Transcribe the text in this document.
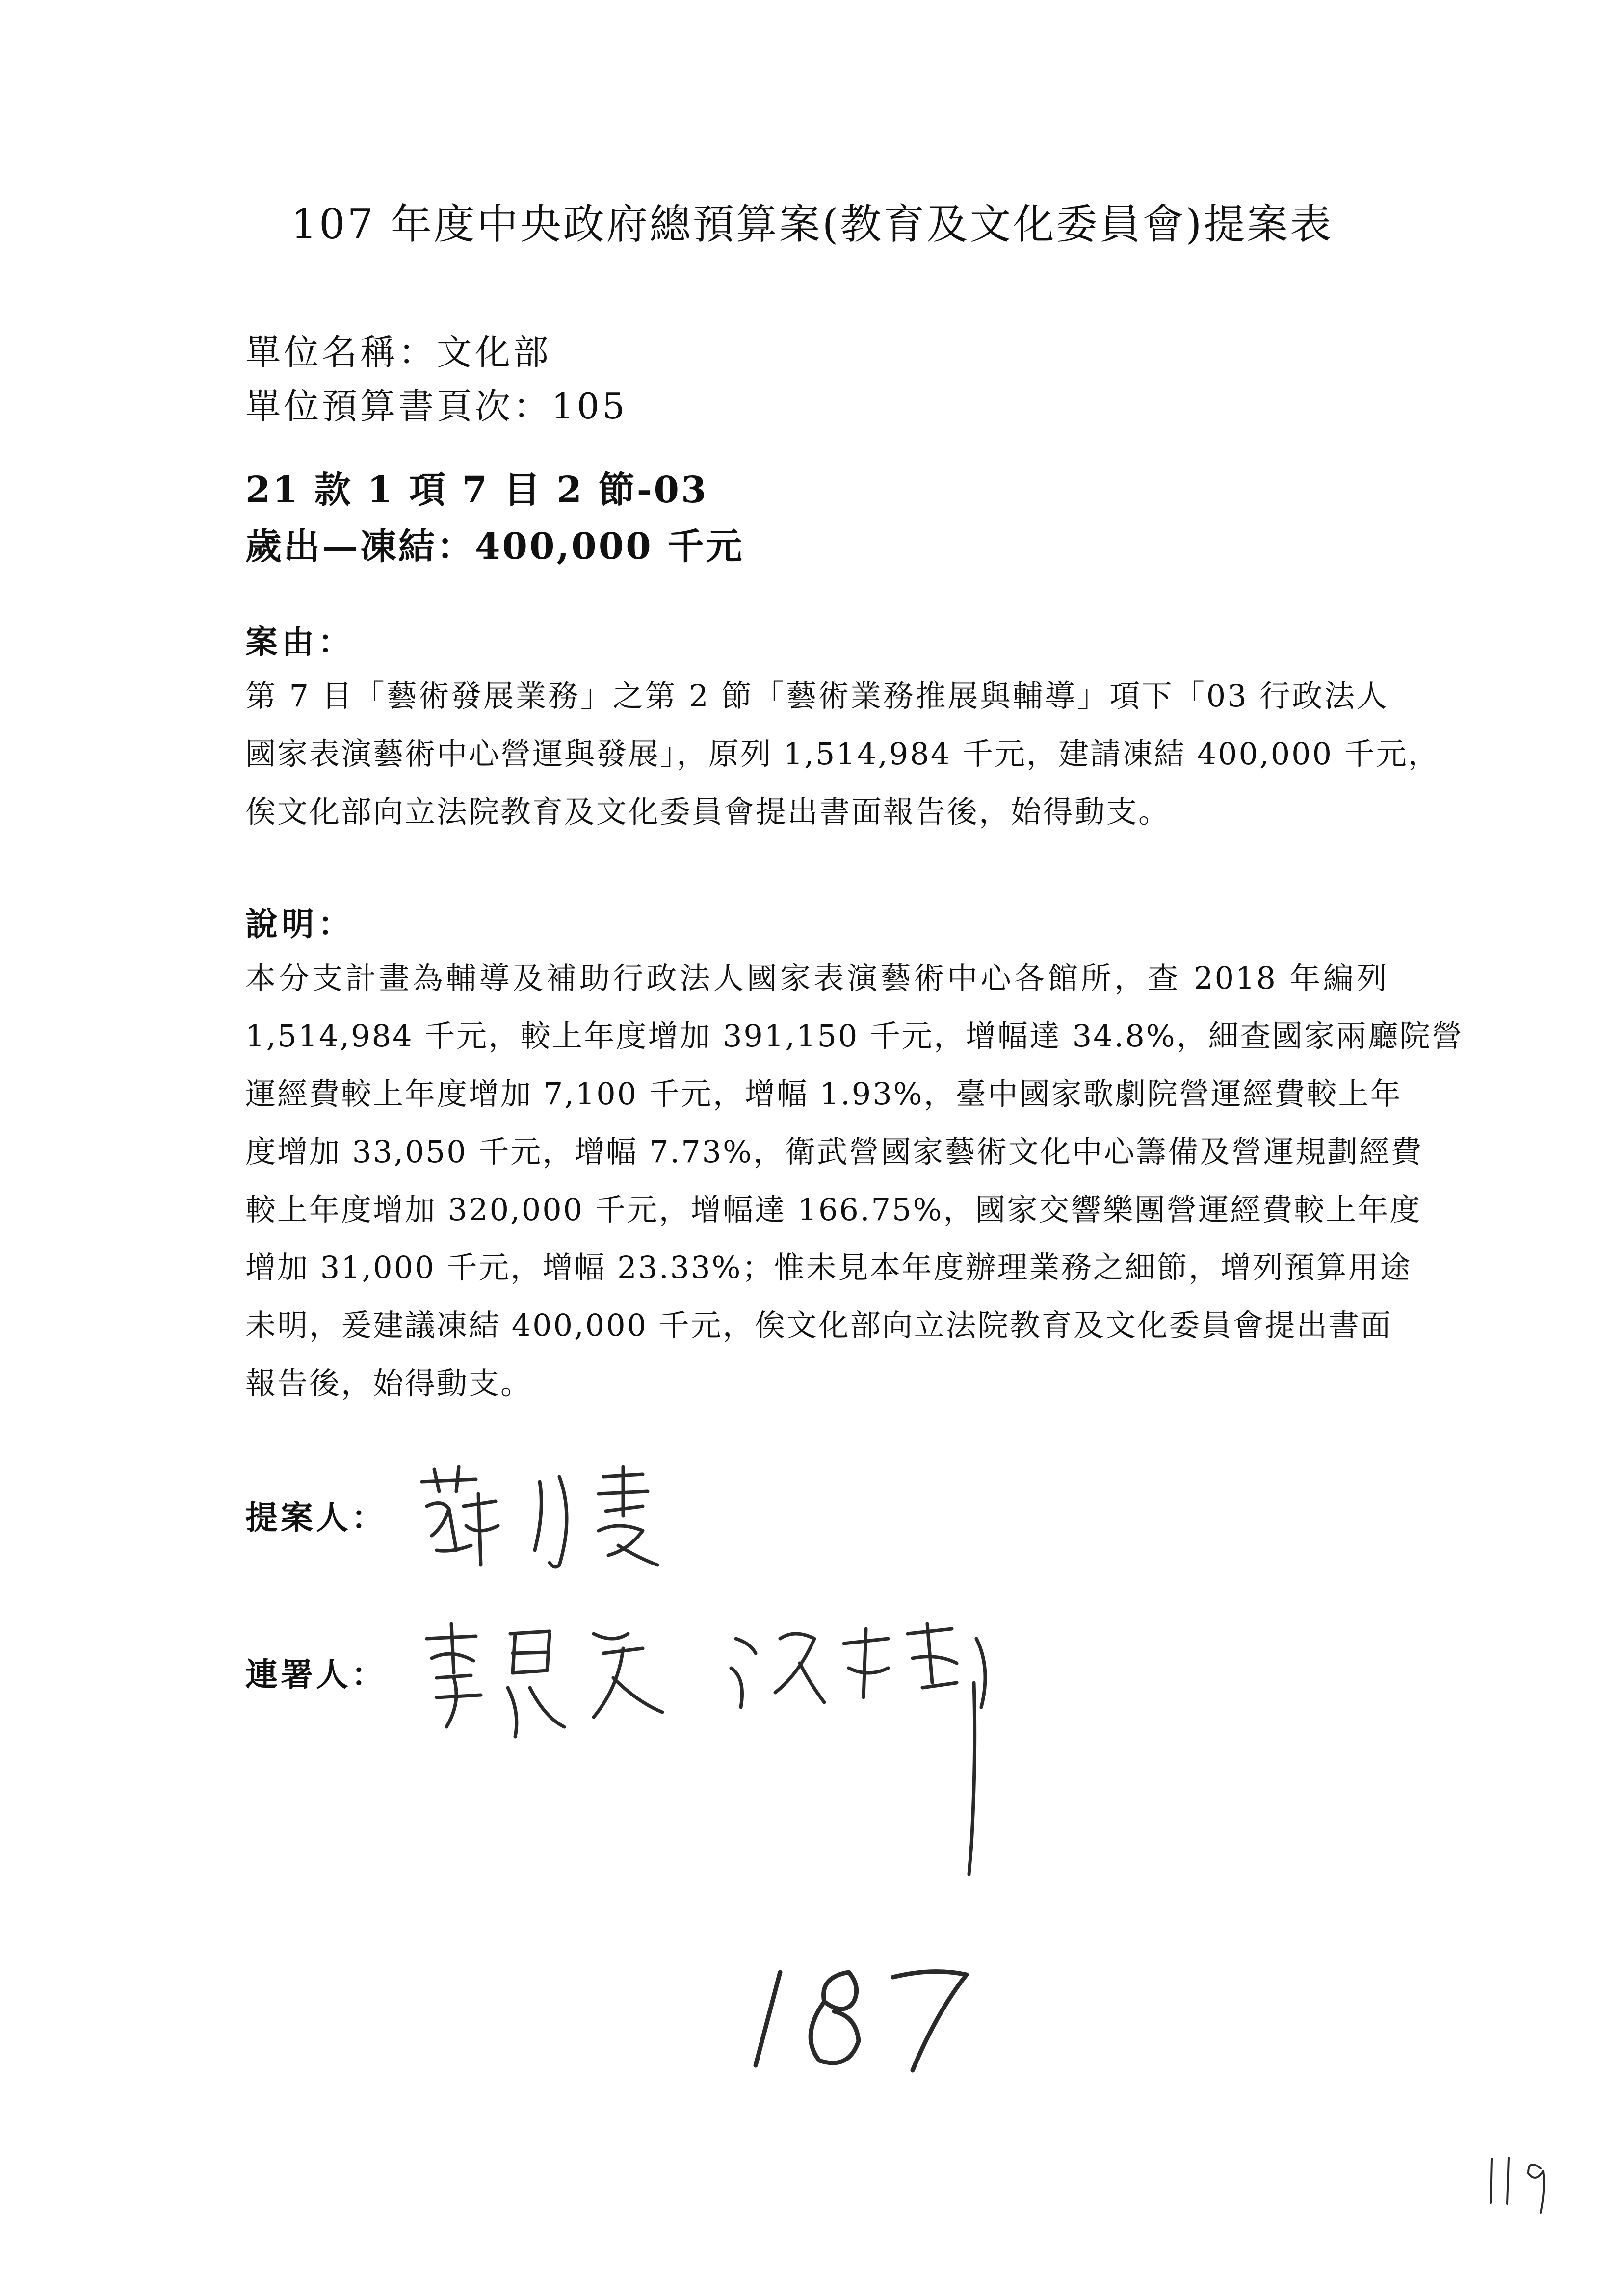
107 年度中央政府總預算案(教育及文化委員會)提案表
單位名稱：文化部
單位預算書頁次：105
21 款 1 項 7 目 2 節-03
歲出—凍結：400,000 千元
案由：
第 7 目「藝術發展業務」之第 2 節「藝術業務推展與輔導」項下「03 行政法人
國家表演藝術中心營運與發展」，原列 1,514,984 千元，建請凍結 400,000 千元，
俟文化部向立法院教育及文化委員會提出書面報告後，始得動支。
說明：
本分支計畫為輔導及補助行政法人國家表演藝術中心各館所，查 2018 年編列
1,514,984 千元，較上年度增加 391,150 千元，增幅達 34.8%，細查國家兩廳院營
運經費較上年度增加 7,100 千元，增幅 1.93%，臺中國家歌劇院營運經費較上年
度增加 33,050 千元，增幅 7.73%，衛武營國家藝術文化中心籌備及營運規劃經費
較上年度增加 320,000 千元，增幅達 166.75%，國家交響樂團營運經費較上年度
增加 31,000 千元，增幅 23.33%；惟未見本年度辦理業務之細節，增列預算用途
未明，爰建議凍結 400,000 千元，俟文化部向立法院教育及文化委員會提出書面
報告後，始得動支。
提案人：
連署人：
